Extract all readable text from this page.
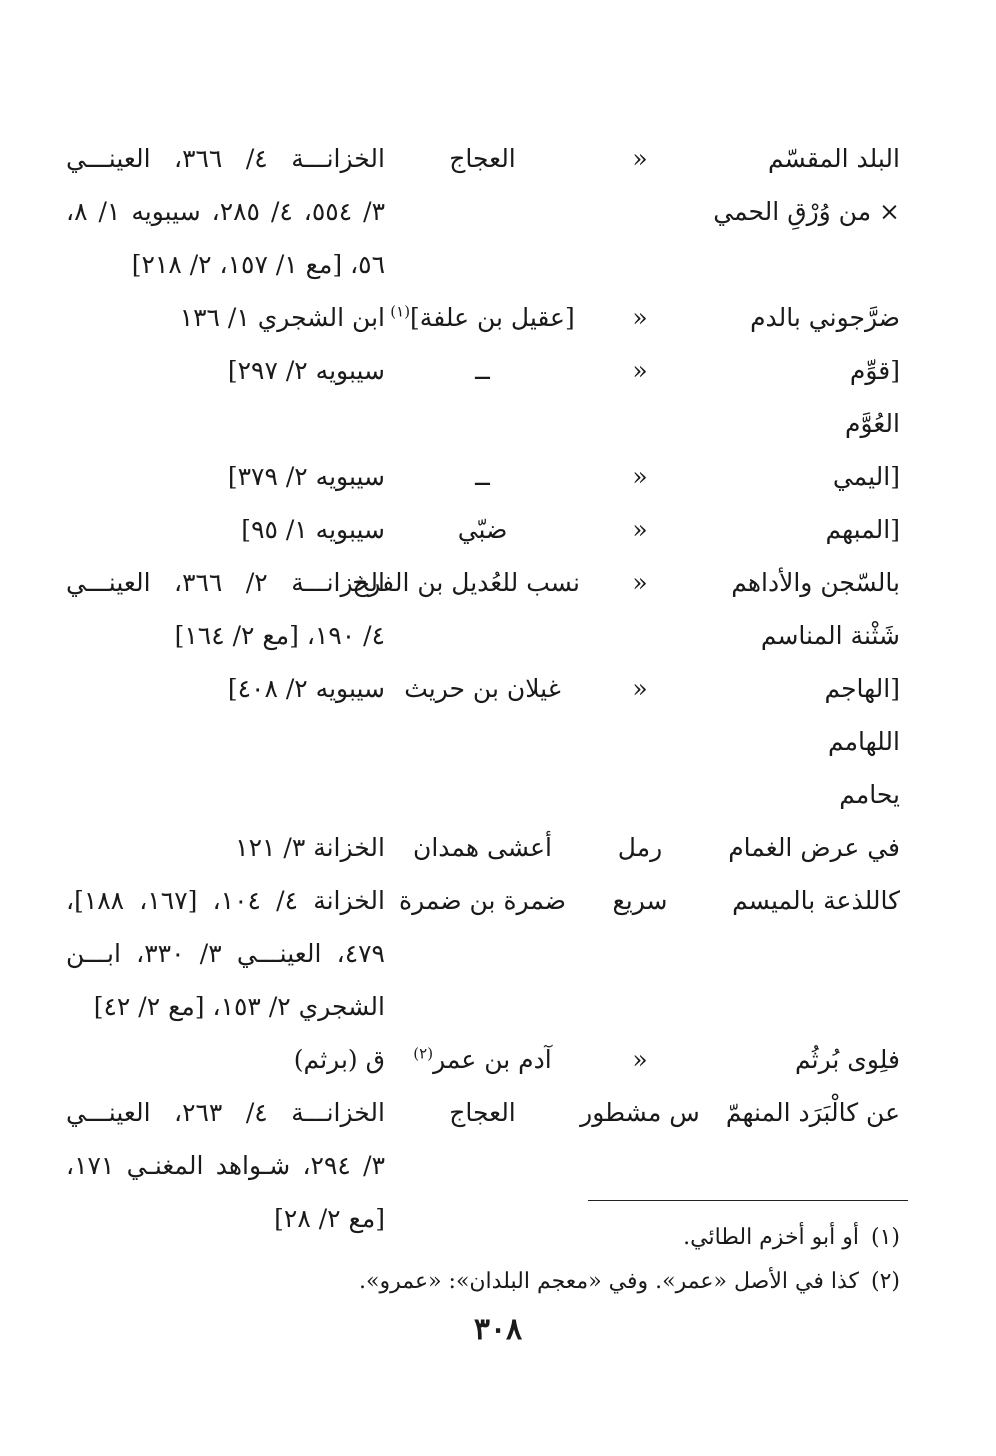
البلد المقسّم
× من وُرْقِ الحمي
«
العجاج
الخزانـــة ٤/ ٣٦٦، العينـــي
٣/ ٥٥٤، ٤/ ٢٨٥، سيبويه ١/ ٨،
٥٦، [مع ١/ ١٥٧، ٢/ ٢١٨]
ضرَّجوني بالدم
«
[عقيل بن علفة]$^{(١)}$
ابن الشجري ١/ ١٣٦
[قوِّم
العُوَّم
«
ــ
سيبويه ٢/ ٢٩٧]
[اليمي
«
ــ
سيبويه ٢/ ٣٧٩]
[المبهم
«
ضبّي
سيبويه ١/ ٩٥]
بالسّجن والأداهم
شَثْنة المناسم
«
نسب للعُديل بن الفرخ
الخزانـــة ٢/ ٣٦٦، العينـــي
٤/ ١٩٠، [مع ٢/ ١٦٤]
[الهاجم
اللهامم
يحامم
«
غيلان بن حريث
سيبويه ٢/ ٤٠٨]
في عرض الغمام
رمل
أعشى همدان
الخزانة ٣/ ١٢١
كاللذعة بالميسم
سريع
ضمرة بن ضمرة
الخزانة ٤/ ١٠٤، [١٦٧، ١٨٨]،
٤٧٩، العينـــي ٣/ ٣٣٠، ابـــن
الشجري ٢/ ١٥٣، [مع ٢/ ٤٢]
فلِوى بُرثُم
«
آدم بن عمر$^{(٢)}$
ق (برثم)
عن كالْبَرَد المنهمّ
س مشطور
العجاج
الخزانـــة ٤/ ٢٦٣، العينـــي
٣/ ٢٩٤، شـواهد المغنـي ١٧١،
[مع ٢/ ٢٨]
(١)أو أبو أخزم الطائي.
(٢)كذا في الأصل «عمر». وفي «معجم البلدان»: «عمرو».
٣٠٨
